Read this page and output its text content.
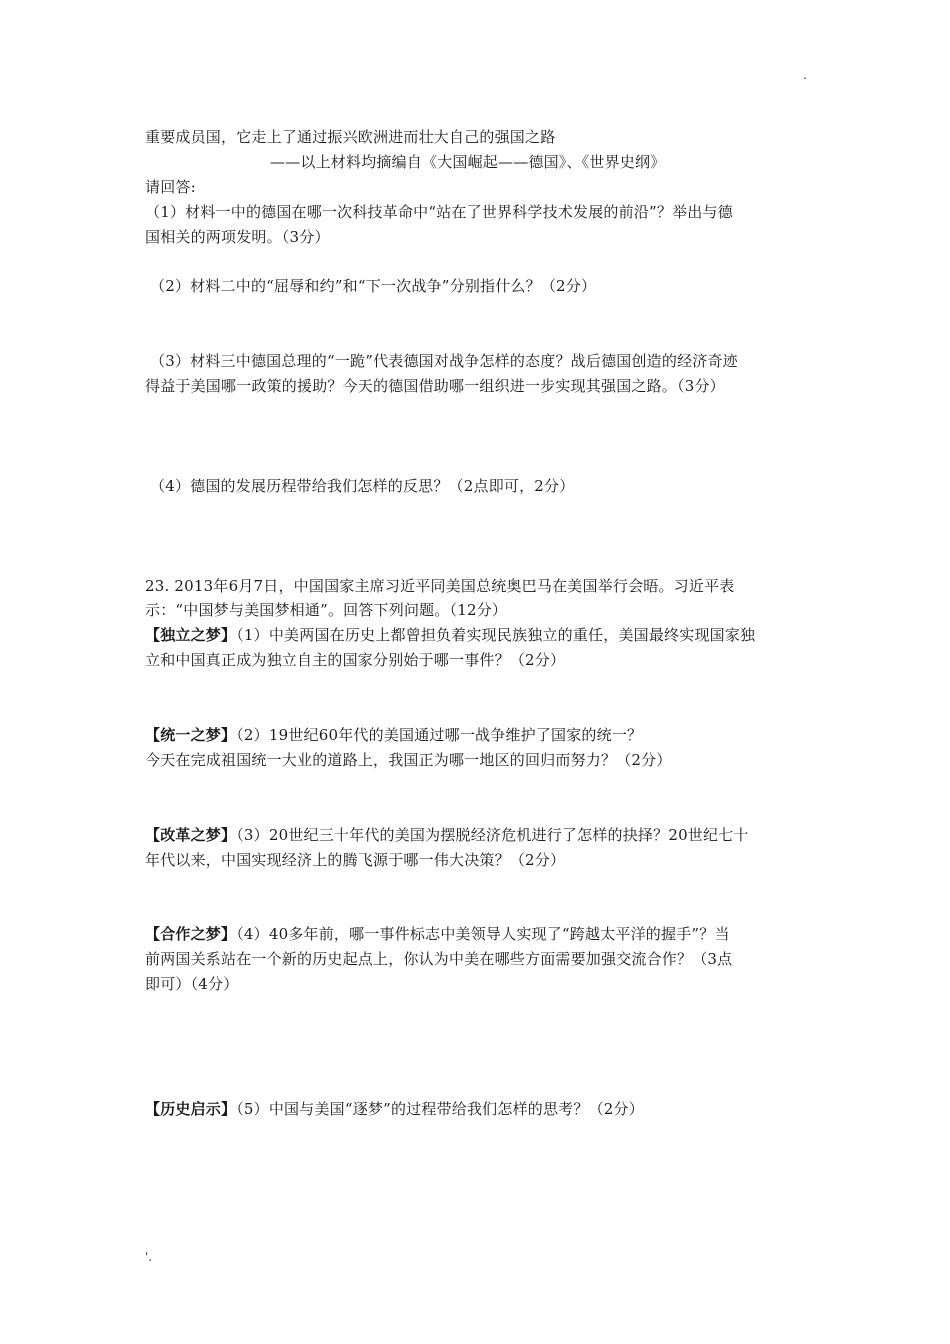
.
重要成员国，它走上了通过振兴欧洲进而壮大自己的强国之路
——以上材料均摘编自《大国崛起——德国》、《世界史纲》
请回答:
（1）材料一中的德国在哪一次科技革命中“站在了世界科学技术发展的前沿”？举出与德
国相关的两项发明。（3分）
（2）材料二中的“屈辱和约”和“下一次战争”分别指什么？（2分）
（3）材料三中德国总理的“一跪”代表德国对战争怎样的态度？战后德国创造的经济奇迹
得益于美国哪一政策的援助？今天的德国借助哪一组织进一步实现其强国之路。（3分）
（4）德国的发展历程带给我们怎样的反思？（2点即可，2分）
23. 2013年6月7日，中国国家主席习近平同美国总统奥巴马在美国举行会晤。习近平表
示：“中国梦与美国梦相通”。回答下列问题。（12分）
【独立之梦】（1）中美两国在历史上都曾担负着实现民族独立的重任，美国最终实现国家独
立和中国真正成为独立自主的国家分别始于哪一事件？（2分）
【统一之梦】（2）19世纪60年代的美国通过哪一战争维护了国家的统一？
今天在完成祖国统一大业的道路上，我国正为哪一地区的回归而努力？（2分）
【改革之梦】（3）20世纪三十年代的美国为摆脱经济危机进行了怎样的抉择？20世纪七十
年代以来，中国实现经济上的腾飞源于哪一伟大决策？（2分）
【合作之梦】（4）40多年前，哪一事件标志中美领导人实现了“跨越太平洋的握手”？当
前两国关系站在一个新的历史起点上，你认为中美在哪些方面需要加强交流合作？（3点
即可）（4分）
【历史启示】（5）中国与美国“逐梦”的过程带给我们怎样的思考？（2分）
'.
